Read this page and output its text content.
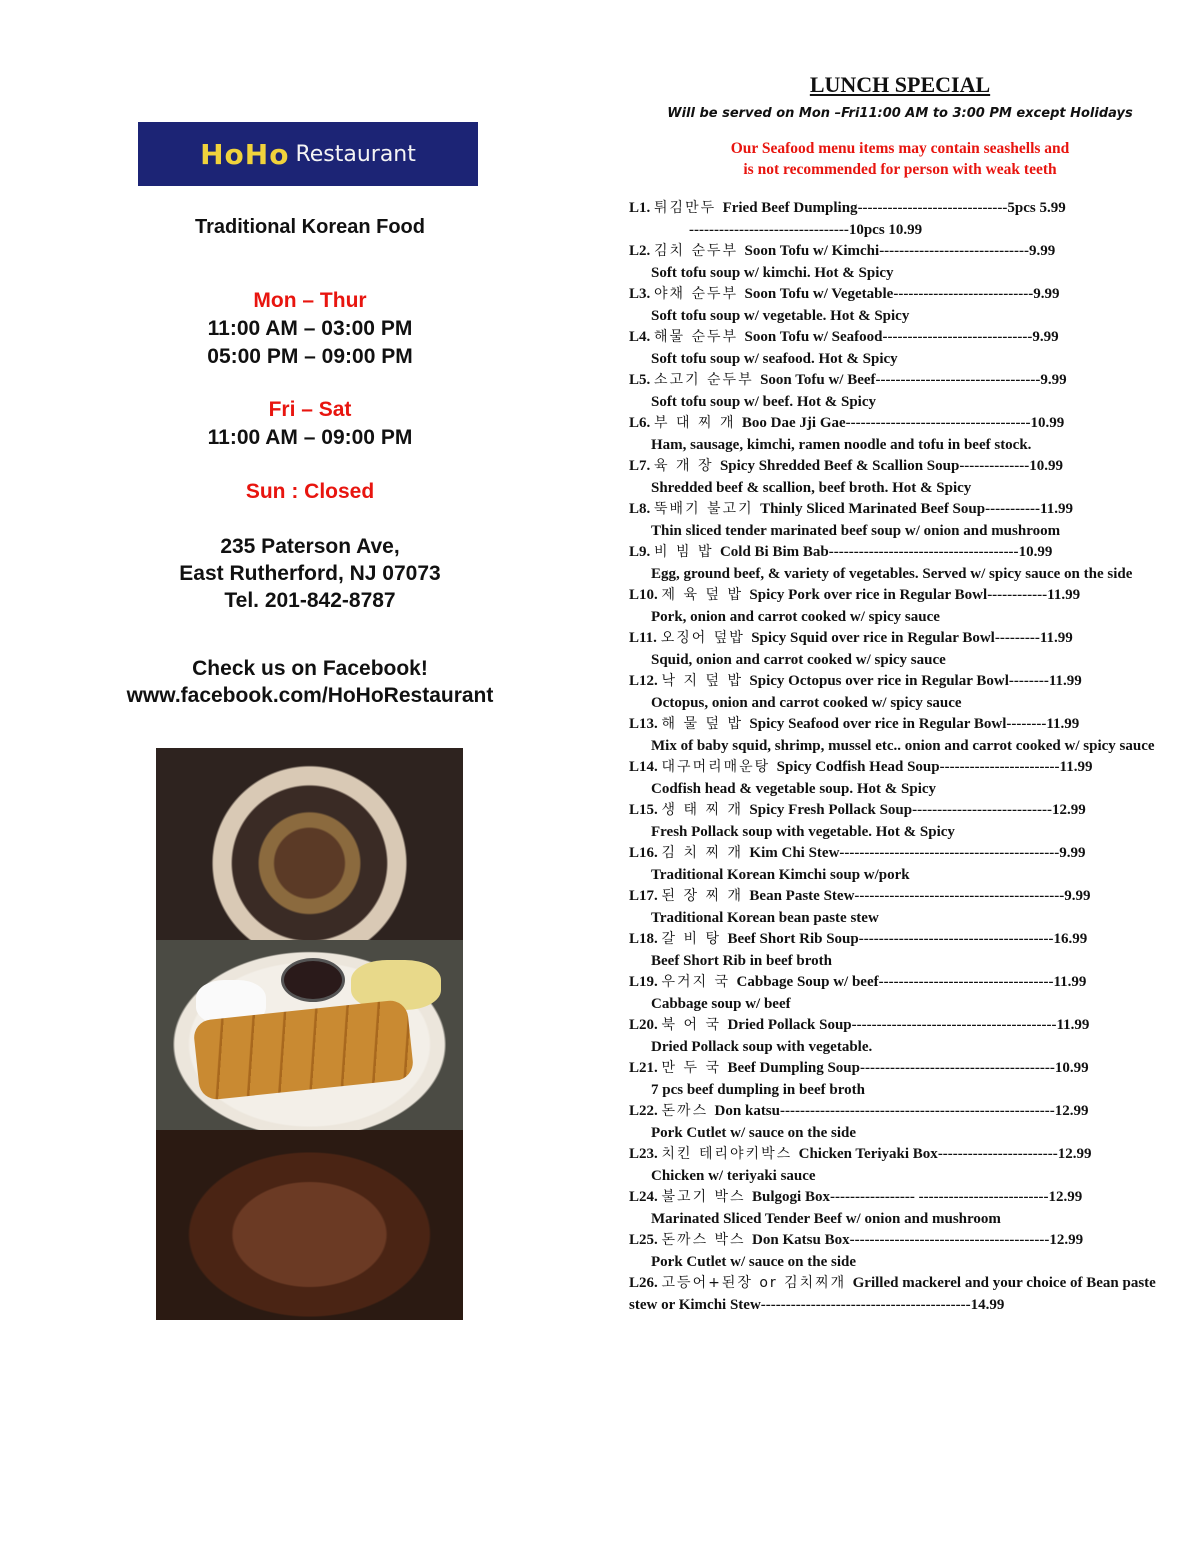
HoHo Restaurant
Traditional Korean Food
Mon – Thur
11:00 AM – 03:00 PM
05:00 PM – 09:00 PM
Fri – Sat
11:00 AM – 09:00 PM
Sun : Closed
235 Paterson Ave,
East Rutherford, NJ 07073
Tel. 201-842-8787
Check us on Facebook!
www.facebook.com/HoHoRestaurant
LUNCH SPECIAL
Will be served on Mon –Fri11:00 AM to 3:00 PM except Holidays
Our Seafood menu items may contain seashells and
is not recommended for person with weak teeth
L1. 튀김만두 Fried Beef Dumpling------------------------------5pcs 5.99
--------------------------------10pcs 10.99
L2. 김치 순두부 Soon Tofu w/ Kimchi------------------------------9.99
Soft tofu soup w/ kimchi. Hot & Spicy
L3. 야채 순두부 Soon Tofu w/ Vegetable----------------------------9.99
Soft tofu soup w/ vegetable. Hot & Spicy
L4. 해물 순두부 Soon Tofu w/ Seafood------------------------------9.99
Soft tofu soup w/ seafood. Hot & Spicy
L5. 소고기 순두부 Soon Tofu w/ Beef---------------------------------9.99
Soft tofu soup w/ beef. Hot & Spicy
L6. 부 대 찌 개 Boo Dae Jji Gae-------------------------------------10.99
Ham, sausage, kimchi, ramen noodle and tofu in beef stock.
L7. 육 개 장 Spicy Shredded Beef & Scallion Soup--------------10.99
Shredded beef & scallion, beef broth. Hot & Spicy
L8. 뚝배기 불고기 Thinly Sliced Marinated Beef Soup-----------11.99
Thin sliced tender marinated beef soup w/ onion and mushroom
L9. 비 빔 밥 Cold Bi Bim Bab--------------------------------------10.99
Egg, ground beef, & variety of vegetables. Served w/ spicy sauce on the side
L10. 제 육 덮 밥 Spicy Pork over rice in Regular Bowl------------11.99
Pork, onion and carrot cooked w/ spicy sauce
L11. 오징어 덮밥 Spicy Squid over rice in Regular Bowl---------11.99
Squid, onion and carrot cooked w/ spicy sauce
L12. 낙 지 덮 밥 Spicy Octopus over rice in Regular Bowl--------11.99
Octopus, onion and carrot cooked w/ spicy sauce
L13. 해 물 덮 밥 Spicy Seafood over rice in Regular Bowl--------11.99
Mix of baby squid, shrimp, mussel etc.. onion and carrot cooked w/ spicy sauce
L14. 대구머리매운탕 Spicy Codfish Head Soup------------------------11.99
Codfish head & vegetable soup. Hot & Spicy
L15. 생 태 찌 개 Spicy Fresh Pollack Soup----------------------------12.99
Fresh Pollack soup with vegetable. Hot & Spicy
L16. 김 치 찌 개 Kim Chi Stew--------------------------------------------9.99
Traditional Korean Kimchi soup w/pork
L17. 된 장 찌 개 Bean Paste Stew------------------------------------------9.99
Traditional Korean bean paste stew
L18. 갈 비 탕 Beef Short Rib Soup---------------------------------------16.99
Beef Short Rib in beef broth
L19. 우거지 국 Cabbage Soup w/ beef-----------------------------------11.99
Cabbage soup w/ beef
L20. 북 어 국 Dried Pollack Soup-----------------------------------------11.99
Dried Pollack soup with vegetable.
L21. 만 두 국 Beef Dumpling Soup---------------------------------------10.99
7 pcs beef dumpling in beef broth
L22. 돈까스 Don katsu-------------------------------------------------------12.99
Pork Cutlet w/ sauce on the side
L23. 치킨 테리야키박스 Chicken Teriyaki Box------------------------12.99
Chicken w/ teriyaki sauce
L24. 불고기 박스 Bulgogi Box----------------- --------------------------12.99
Marinated Sliced Tender Beef w/ onion and mushroom
L25. 돈까스 박스 Don Katsu Box----------------------------------------12.99
Pork Cutlet w/ sauce on the side
L26. 고등어+된장 or 김치찌개 Grilled mackerel and your choice of Bean paste stew or Kimchi Stew------------------------------------------14.99
